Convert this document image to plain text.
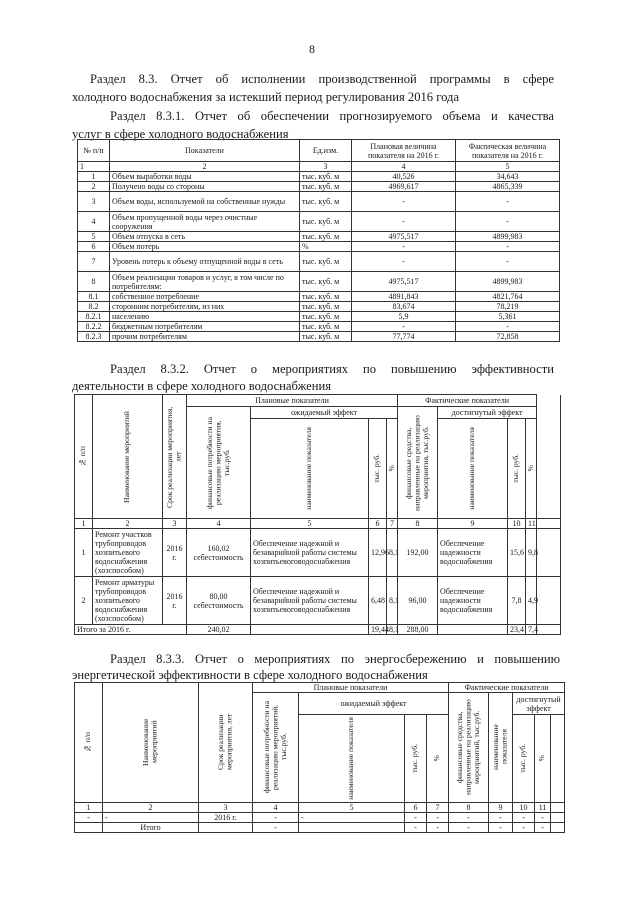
8
Раздел 8.3. Отчет об исполнении производственной программы в сфере
холодного водоснабжения за истекший период регулирования 2016 года
Раздел 8.3.1. Отчет об обеспечении прогнозируемого объема и качества
услуг в сфере холодного водоснабжения
№ п/п	Показатели	Ед.изм.	Плановая величина показателя на 2016 г.	Фактическая величина показателя на 2016 г.
1	2	3	4	5
1	Объем выработки воды	тыс. куб. м	40,526	34,643
2	Получено воды со стороны	тыс. куб. м	4969,617	4865,339
3	Объем воды, используемой на собственные нужды	тыс. куб. м	-	-
4	Объем пропущенной воды через очистные сооружения	тыс. куб. м	-	-
5	Объем отпуска в сеть	тыс. куб. м	4975,517	4899,983
6	Объем потерь	%	-	-
7	Уровень потерь к объему отпущенной воды в сеть	тыс. куб. м	-	-
8	Объем реализации товаров и услуг, в том числе по потребителям:	тыс. куб. м	4975,517	4899,983
8.1	собственное потребление	тыс. куб. м	4891,843	4821,764
8.2	сторонним потребителям, из них	тыс. куб. м	83,674	78,219
8.2.1	населению	тыс. куб. м	5,9	5,361
8.2.2	бюджетным потребителям	тыс. куб. м	-	-
8.2.3	прочим потребителям	тыс. куб. м	77,774	72,858
Раздел 8.3.2. Отчет о мероприятиях по повышению эффективности
деятельности в сфере холодного водоснабжения
№ п/п	Наименование мероприятий	Срок реализации мероприятия, лет	Плановые показатели				Фактические показатели				

			финансовые потребности на реализацию мероприятия, тыс.руб.	ожидаемый эффект			финансовые средства, направленные на реализацию мероприятия, тыс.руб.	достигнутый эффект			

				наименование показателя	тыс. руб.	%		наименование показателя	тыс. руб.	%	

1	2	3	4	5	6	7	8	9	10	11	
1	Ремонт участков трубопроводов хозпитьевого водоснабжения (хозспособом)	2016 г.	160,02 себестоимость	Обеспечение надежной и безаварийной работы системы хозпитьевоговодоснабжения	12,96	8,1	192,00	Обеспечение надежности водоснабжения	15,6	9,8	
2	Ремонт арматуры трубопроводов хозпитьевого водоснабжения (хозспособом)	2016 г.	80,00 себестоимость	Обеспечение надежной и безаварийной работы системы хозпитьевоговодоснабжения	6,48	8,1	96,00	Обеспечение надежности водоснабжения	7,8	4,9	
Итого за 2016 г.			240,02		19,44	8,1	288,00		23,4	7,4	
Раздел 8.3.3. Отчет о мероприятиях по энергосбережению и повышению
энергетической эффективности в сфере холодного водоснабжения
№ п/п	Наименование мероприятий	Срок реализации мероприятия, лет	Плановые показатели				Фактические показатели				

			финансовые потребности на реализацию мероприятий, тыс.руб.	ожидаемый эффект			финансовые средства, направленные на реализацию мероприятий, тыс.руб.	наименование показателя	достигнутый эффект		

				наименование показателя	тыс. руб.	%			тыс. руб.	%	

1	2	3	4	5	6	7	8	9	10	11	
-	-	2016 г.	-	-	-	-	-	-	-	-	
	Итого		-		-	-	-	-	-	-	
